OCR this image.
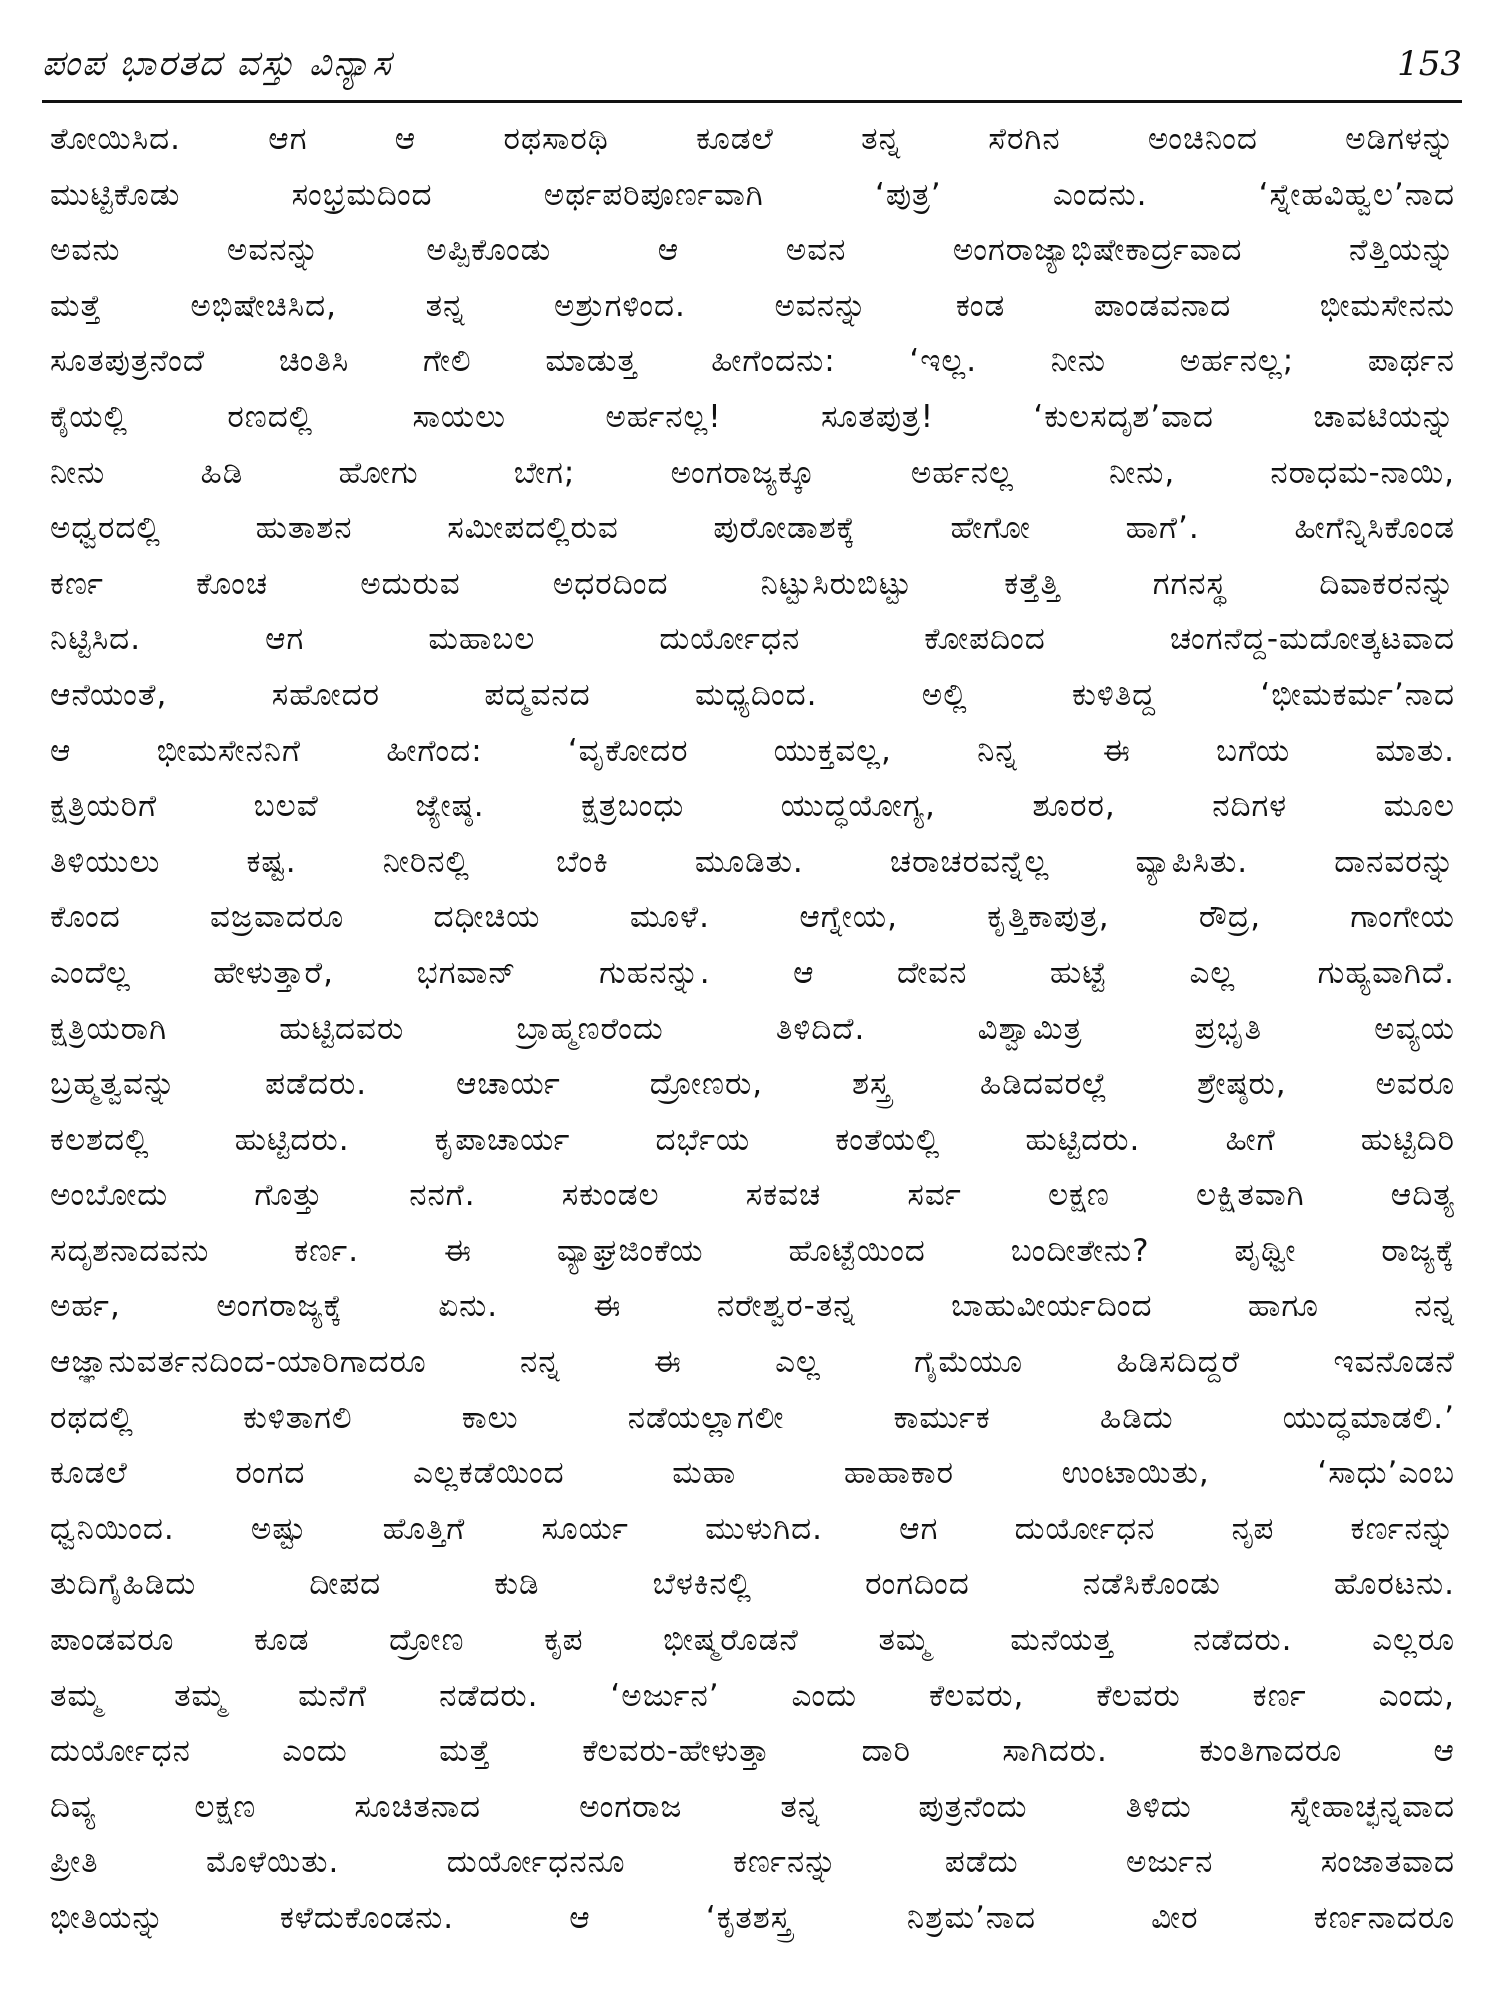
ಪಂಪ ಭಾರತದ ವಸ್ತು ವಿನ್ಯಾಸ	153
ತೋಯಿಸಿದ. ಆಗ ಆ ರಥಸಾರಥಿ ಕೂಡಲೆ ತನ್ನ ಸೆರಗಿನ ಅಂಚಿನಿಂದ ಅಡಿಗಳನ್ನು
ಮುಟ್ಟಿಕೊಡು ಸಂಭ್ರಮದಿಂದ ಅರ್ಥಪರಿಪೂರ್ಣವಾಗಿ ‘ಪುತ್ರ’ ಎಂದನು. ‘ಸ್ನೇಹವಿಹ್ವಲ’ನಾದ
ಅವನು ಅವನನ್ನು ಅಪ್ಪಿಕೊಂಡು ಆ ಅವನ ಅಂಗರಾಜ್ಯಾಭಿಷೇಕಾರ್ದ್ರವಾದ ನೆತ್ತಿಯನ್ನು
ಮತ್ತೆ ಅಭಿಷೇಚಿಸಿದ, ತನ್ನ ಅಶ್ರುಗಳಿಂದ. ಅವನನ್ನು ಕಂಡ ಪಾಂಡವನಾದ ಭೀಮಸೇನನು
ಸೂತಪುತ್ರನೆಂದೆ ಚಿಂತಿಸಿ ಗೇಲಿ ಮಾಡುತ್ತ ಹೀಗೆಂದನು: ‘ಇಲ್ಲ. ನೀನು ಅರ್ಹನಲ್ಲ; ಪಾರ್ಥನ
ಕೈಯಲ್ಲಿ ರಣದಲ್ಲಿ ಸಾಯಲು ಅರ್ಹನಲ್ಲ! ಸೂತಪುತ್ರ! ‘ಕುಲಸದೃಶ’ವಾದ ಚಾವಟಿಯನ್ನು
ನೀನು ಹಿಡಿ ಹೋಗು ಬೇಗ; ಅಂಗರಾಜ್ಯಕ್ಕೂ ಅರ್ಹನಲ್ಲ ನೀನು, ನರಾಧಮ-ನಾಯಿ,
ಅಧ್ವರದಲ್ಲಿ ಹುತಾಶನ ಸಮೀಪದಲ್ಲಿರುವ ಪುರೋಡಾಶಕ್ಕೆ ಹೇಗೋ ಹಾಗೆ’. ಹೀಗೆನ್ನಿಸಿಕೊಂಡ
ಕರ್ಣ ಕೊಂಚ ಅದುರುವ ಅಧರದಿಂದ ನಿಟ್ಟುಸಿರುಬಿಟ್ಟು ಕತ್ತೆತ್ತಿ ಗಗನಸ್ಥ ದಿವಾಕರನನ್ನು
ನಿಟ್ಟಿಸಿದ. ಆಗ ಮಹಾಬಲ ದುರ್ಯೋಧನ ಕೋಪದಿಂದ ಚಂಗನೆದ್ದ-ಮದೋತ್ಕಟವಾದ
ಆನೆಯಂತೆ, ಸಹೋದರ ಪದ್ಮವನದ ಮಧ್ಯದಿಂದ. ಅಲ್ಲಿ ಕುಳಿತಿದ್ದ ‘ಭೀಮಕರ್ಮ’ನಾದ
ಆ ಭೀಮಸೇನನಿಗೆ ಹೀಗೆಂದ: ‘ವೃಕೋದರ ಯುಕ್ತವಲ್ಲ, ನಿನ್ನ ಈ ಬಗೆಯ ಮಾತು.
ಕ್ಷತ್ರಿಯರಿಗೆ ಬಲವೆ ಜ್ಯೇಷ್ಠ. ಕ್ಷತ್ರಬಂಧು ಯುದ್ಧಯೋಗ್ಯ, ಶೂರರ, ನದಿಗಳ ಮೂಲ
ತಿಳಿಯುಲು ಕಷ್ಟ. ನೀರಿನಲ್ಲಿ ಬೆಂಕಿ ಮೂಡಿತು. ಚರಾಚರವನ್ನೆಲ್ಲ ವ್ಯಾಪಿಸಿತು. ದಾನವರನ್ನು
ಕೊಂದ ವಜ್ರವಾದರೂ ದಧೀಚಿಯ ಮೂಳೆ. ಆಗ್ನೇಯ, ಕೃತ್ತಿಕಾಪುತ್ರ, ರೌದ್ರ, ಗಾಂಗೇಯ
ಎಂದೆಲ್ಲ ಹೇಳುತ್ತಾರೆ, ಭಗವಾನ್ ಗುಹನನ್ನು. ಆ ದೇವನ ಹುಟ್ಟೆ ಎಲ್ಲ ಗುಹ್ಯವಾಗಿದೆ.
ಕ್ಷತ್ರಿಯರಾಗಿ ಹುಟ್ಟಿದವರು ಬ್ರಾಹ್ಮಣರೆಂದು ತಿಳಿದಿದೆ. ವಿಶ್ವಾಮಿತ್ರ ಪ್ರಭೃತಿ ಅವ್ಯಯ
ಬ್ರಹ್ಮತ್ವವನ್ನು ಪಡೆದರು. ಆಚಾರ್ಯ ದ್ರೋಣರು, ಶಸ್ತ್ರ ಹಿಡಿದವರಲ್ಲೆ ಶ್ರೇಷ್ಠರು, ಅವರೂ
ಕಲಶದಲ್ಲಿ ಹುಟ್ಟಿದರು. ಕೃಪಾಚಾರ್ಯ ದರ್ಭೆಯ ಕಂತೆಯಲ್ಲಿ ಹುಟ್ಟಿದರು. ಹೀಗೆ ಹುಟ್ಟಿದಿರಿ
ಅಂಬೋದು ಗೊತ್ತು ನನಗೆ. ಸಕುಂಡಲ ಸಕವಚ ಸರ್ವ ಲಕ್ಷಣ ಲಕ್ಷಿತವಾಗಿ ಆದಿತ್ಯ
ಸದೃಶನಾದವನು ಕರ್ಣ. ಈ ವ್ಯಾಘ್ರಜಿಂಕೆಯ ಹೊಟ್ಟೆಯಿಂದ ಬಂದೀತೇನು? ಪೃಥ್ವೀ ರಾಜ್ಯಕ್ಕೆ
ಅರ್ಹ, ಅಂಗರಾಜ್ಯಕ್ಕೆ ಏನು. ಈ ನರೇಶ್ವರ-ತನ್ನ ಬಾಹುವೀರ್ಯದಿಂದ ಹಾಗೂ ನನ್ನ
ಆಜ್ಞಾನುವರ್ತನದಿಂದ-ಯಾರಿಗಾದರೂ ನನ್ನ ಈ ಎಲ್ಲ ಗೈಮೆಯೂ ಹಿಡಿಸದಿದ್ದರೆ ಇವನೊಡನೆ
ರಥದಲ್ಲಿ ಕುಳಿತಾಗಲಿ ಕಾಲು ನಡೆಯಲ್ಲಾಗಲೀ ಕಾರ್ಮುಕ ಹಿಡಿದು ಯುದ್ಧಮಾಡಲಿ.’
ಕೂಡಲೆ ರಂಗದ ಎಲ್ಲಕಡೆಯಿಂದ ಮಹಾ ಹಾಹಾಕಾರ ಉಂಟಾಯಿತು, ‘ಸಾಧು’ಎಂಬ
ಧ್ವನಿಯಿಂದ. ಅಷ್ಟು ಹೊತ್ತಿಗೆ ಸೂರ್ಯ ಮುಳುಗಿದ. ಆಗ ದುರ್ಯೋಧನ ನೃಪ ಕರ್ಣನನ್ನು
ತುದಿಗೈಹಿಡಿದು ದೀಪದ ಕುಡಿ ಬೆಳಕಿನಲ್ಲಿ ರಂಗದಿಂದ ನಡೆಸಿಕೊಂಡು ಹೊರಟನು.
ಪಾಂಡವರೂ ಕೂಡ ದ್ರೋಣ ಕೃಪ ಭೀಷ್ಮರೊಡನೆ ತಮ್ಮ ಮನೆಯತ್ತ ನಡೆದರು. ಎಲ್ಲರೂ
ತಮ್ಮ ತಮ್ಮ ಮನೆಗೆ ನಡೆದರು. ‘ಅರ್ಜುನ’ ಎಂದು ಕೆಲವರು, ಕೆಲವರು ಕರ್ಣ ಎಂದು,
ದುರ್ಯೋಧನ ಎಂದು ಮತ್ತೆ ಕೆಲವರು-ಹೇಳುತ್ತಾ ದಾರಿ ಸಾಗಿದರು. ಕುಂತಿಗಾದರೂ ಆ
ದಿವ್ಯ ಲಕ್ಷಣ ಸೂಚಿತನಾದ ಅಂಗರಾಜ ತನ್ನ ಪುತ್ರನೆಂದು ತಿಳಿದು ಸ್ನೇಹಾಚ್ಛನ್ನವಾದ
ಪ್ರೀತಿ ಮೊಳೆಯಿತು. ದುರ್ಯೋಧನನೂ ಕರ್ಣನನ್ನು ಪಡೆದು ಅರ್ಜುನ ಸಂಜಾತವಾದ
ಭೀತಿಯನ್ನು ಕಳೆದುಕೊಂಡನು. ಆ ‘ಕೃತಶಸ್ತ್ರ ನಿಶ್ರಮ’ನಾದ ವೀರ ಕರ್ಣನಾದರೂ
